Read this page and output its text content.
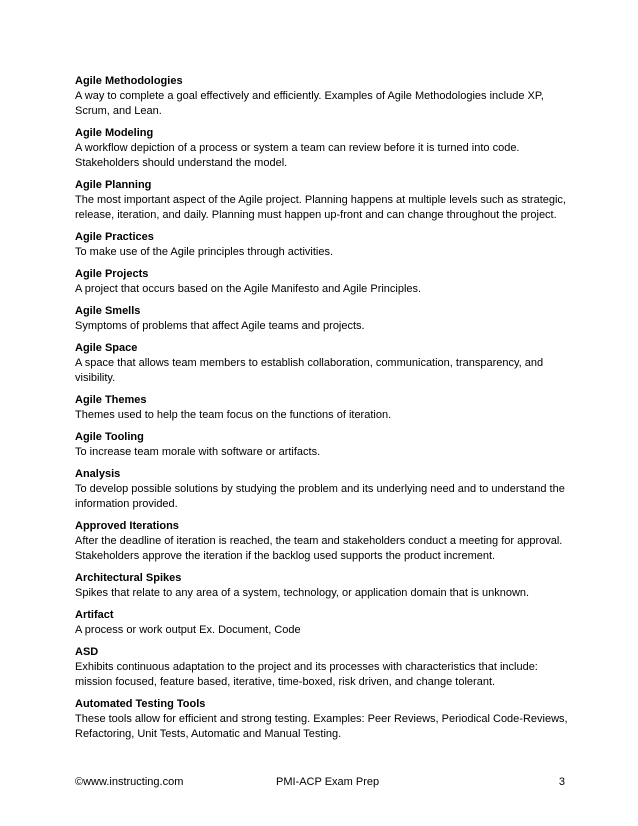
Agile Methodologies

A way to complete a goal effectively and efficiently. Examples of Agile Methodologies include XP, Scrum, and Lean.

Agile Modeling

A workflow depiction of a process or system a team can review before it is turned into code. Stakeholders should understand the model.

Agile Planning

The most important aspect of the Agile project. Planning happens at multiple levels such as strategic, release, iteration, and daily. Planning must happen up-front and can change throughout the project.

Agile Practices

To make use of the Agile principles through activities.

Agile Projects

A project that occurs based on the Agile Manifesto and Agile Principles.

Agile Smells

Symptoms of problems that affect Agile teams and projects.

Agile Space

A space that allows team members to establish collaboration, communication, transparency, and visibility.

Agile Themes

Themes used to help the team focus on the functions of iteration.

Agile Tooling

To increase team morale with software or artifacts.

Analysis

To develop possible solutions by studying the problem and its underlying need and to understand the information provided.

Approved Iterations

After the deadline of iteration is reached, the team and stakeholders conduct a meeting for approval. Stakeholders approve the iteration if the backlog used supports the product increment.

Architectural Spikes

Spikes that relate to any area of a system, technology, or application domain that is unknown.

Artifact

A process or work output Ex. Document, Code

ASD

Exhibits continuous adaptation to the project and its processes with characteristics that include: mission focused, feature based, iterative, time-boxed, risk driven, and change tolerant.

Automated Testing Tools

These tools allow for efficient and strong testing. Examples: Peer Reviews, Periodical Code-Reviews, Refactoring, Unit Tests, Automatic and Manual Testing.

©www.instructing.com	PMI-ACP Exam Prep	3
